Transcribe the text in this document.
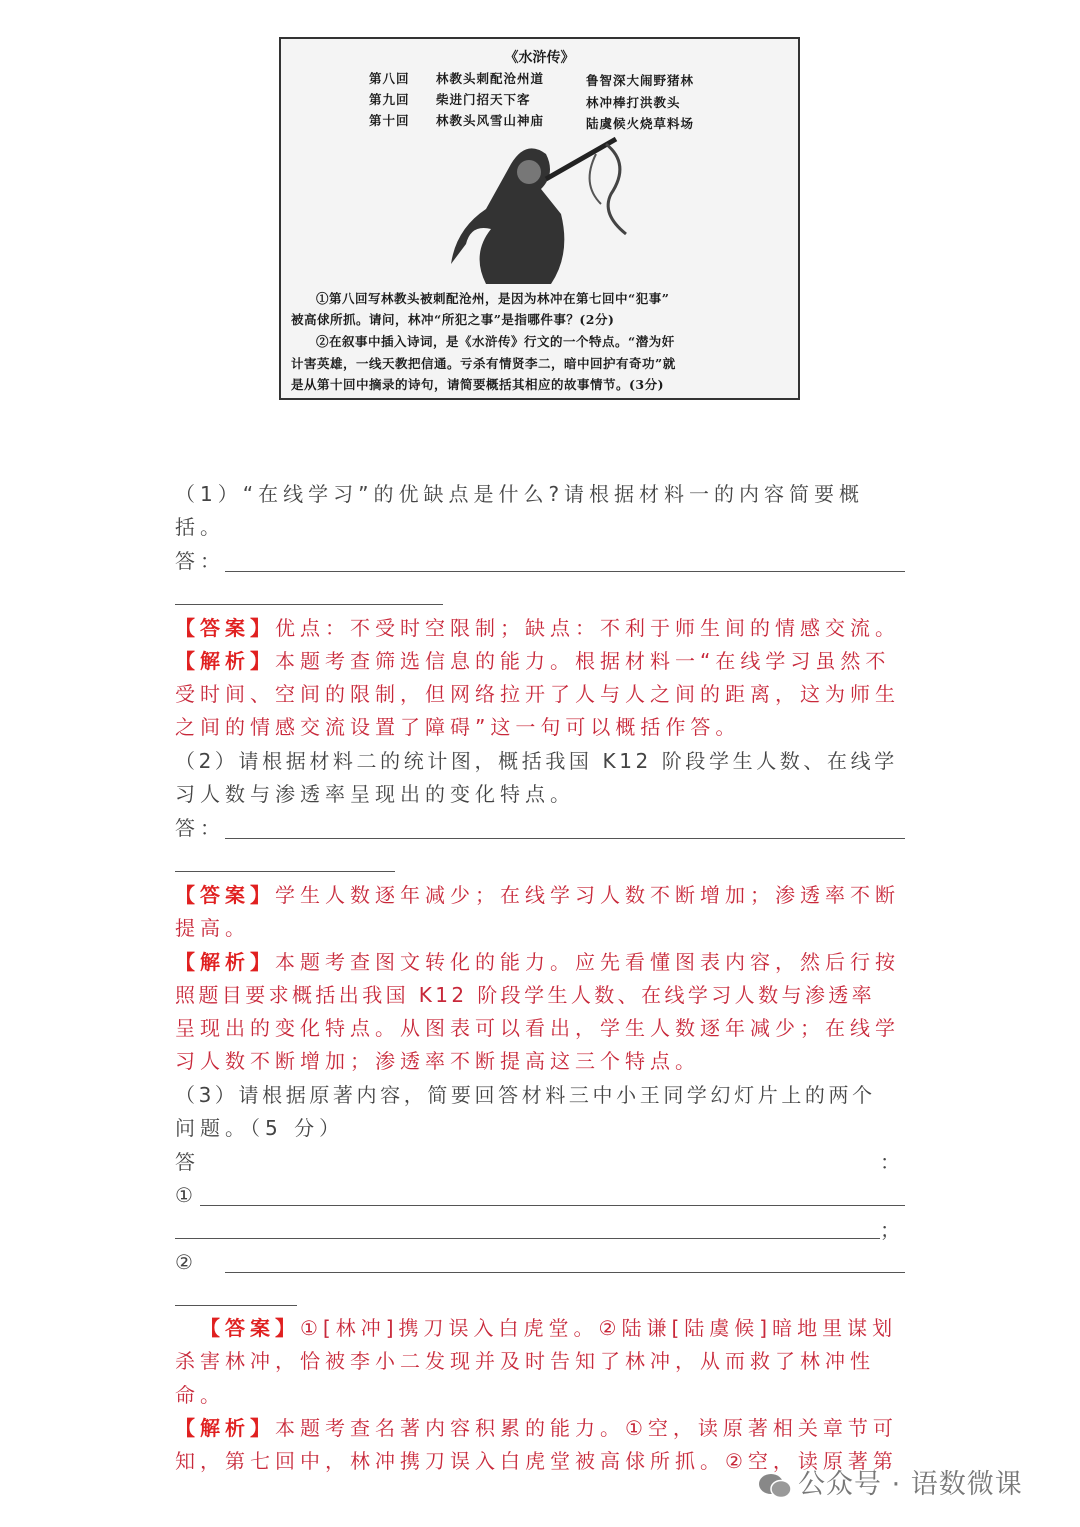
《水浒传》
第八回 林教头刺配沧州道	鲁智深大闹野猪林
第九回 柴进门招天下客	林冲棒打洪教头
第十回 林教头风雪山神庙	陆虞候火烧草料场
①第八回写林教头被刺配沧州，是因为林冲在第七回中“犯事”
被高俅所抓。请问，林冲“所犯之事”是指哪件事？(2分)
②在叙事中插入诗词，是《水浒传》行文的一个特点。“潜为奸
计害英雄，一线天教把信通。亏杀有情贤李二，暗中回护有奇功”就
是从第十回中摘录的诗句，请简要概括其相应的故事情节。(3分)
（1）“在线学习”的优缺点是什么?请根据材料一的内容简要概
括。
答：
【答案】优点：不受时空限制；缺点：不利于师生间的情感交流。
【解析】本题考查筛选信息的能力。根据材料一“在线学习虽然不
受时间、空间的限制，但网络拉开了人与人之间的距离，这为师生
之间的情感交流设置了障碍”这一句可以概括作答。
（2）请根据材料二的统计图，概括我国 K12 阶段学生人数、在线学
习人数与渗透率呈现出的变化特点。
答：
【答案】学生人数逐年减少；在线学习人数不断增加；渗透率不断
提高。
【解析】本题考查图文转化的能力。应先看懂图表内容，然后行按
照题目要求概括出我国 K12 阶段学生人数、在线学习人数与渗透率
呈现出的变化特点。从图表可以看出，学生人数逐年减少；在线学
习人数不断增加；渗透率不断提高这三个特点。
（3）请根据原著内容，简要回答材料三中小王同学幻灯片上的两个
问题。（5 分）
答	：
①
；
②
【答案】①[林冲]携刀误入白虎堂。②陆谦[陆虞候]暗地里谋划
杀害林冲，恰被李小二发现并及时告知了林冲，从而救了林冲性
命。
【解析】本题考查名著内容积累的能力。①空，读原著相关章节可
知，第七回中，林冲携刀误入白虎堂被高俅所抓。②空，读原著第
公众号 · 语数微课
